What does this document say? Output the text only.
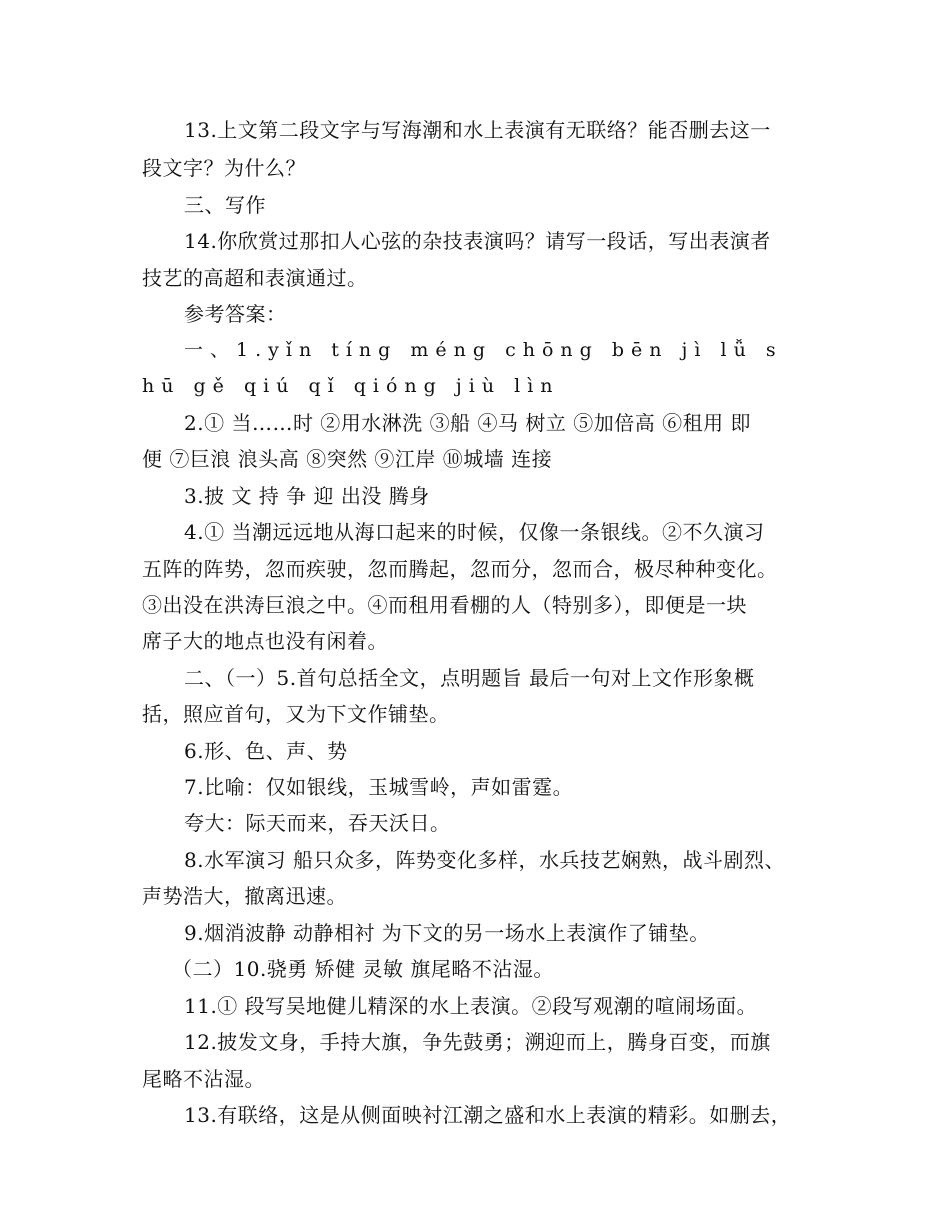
13.上文第二段文字与写海潮和水上表演有无联络？能否删去这一
段文字？为什么？
三、写作
14.你欣赏过那扣人心弦的杂技表演吗？请写一段话，写出表演者
技艺的高超和表演通过。
参考答案：
一、1.yǐn tíng méng chōng bēn jì lǚ s
hū gě qiú qǐ qióng jiù lìn
2.① 当……时 ②用水淋洗 ③船 ④马 树立 ⑤加倍高 ⑥租用 即
便 ⑦巨浪 浪头高 ⑧突然 ⑨江岸 ⑩城墙 连接
3.披 文 持 争 迎 出没 腾身
4.① 当潮远远地从海口起来的时候，仅像一条银线。②不久演习
五阵的阵势，忽而疾驶，忽而腾起，忽而分，忽而合，极尽种种变化。
③出没在洪涛巨浪之中。④而租用看棚的人（特别多），即便是一块
席子大的地点也没有闲着。
二、（一）5.首句总括全文，点明题旨 最后一句对上文作形象概
括，照应首句，又为下文作铺垫。
6.形、色、声、势
7.比喻：仅如银线，玉城雪岭，声如雷霆。
夸大：际天而来，吞天沃日。
8.水军演习 船只众多，阵势变化多样，水兵技艺娴熟，战斗剧烈、
声势浩大，撤离迅速。
9.烟消波静 动静相衬 为下文的另一场水上表演作了铺垫。
（二）10.骁勇 矫健 灵敏 旗尾略不沾湿。
11.① 段写吴地健儿精深的水上表演。②段写观潮的喧闹场面。
12.披发文身，手持大旗，争先鼓勇；溯迎而上，腾身百变，而旗
尾略不沾湿。
13.有联络，这是从侧面映衬江潮之盛和水上表演的精彩。如删去，
